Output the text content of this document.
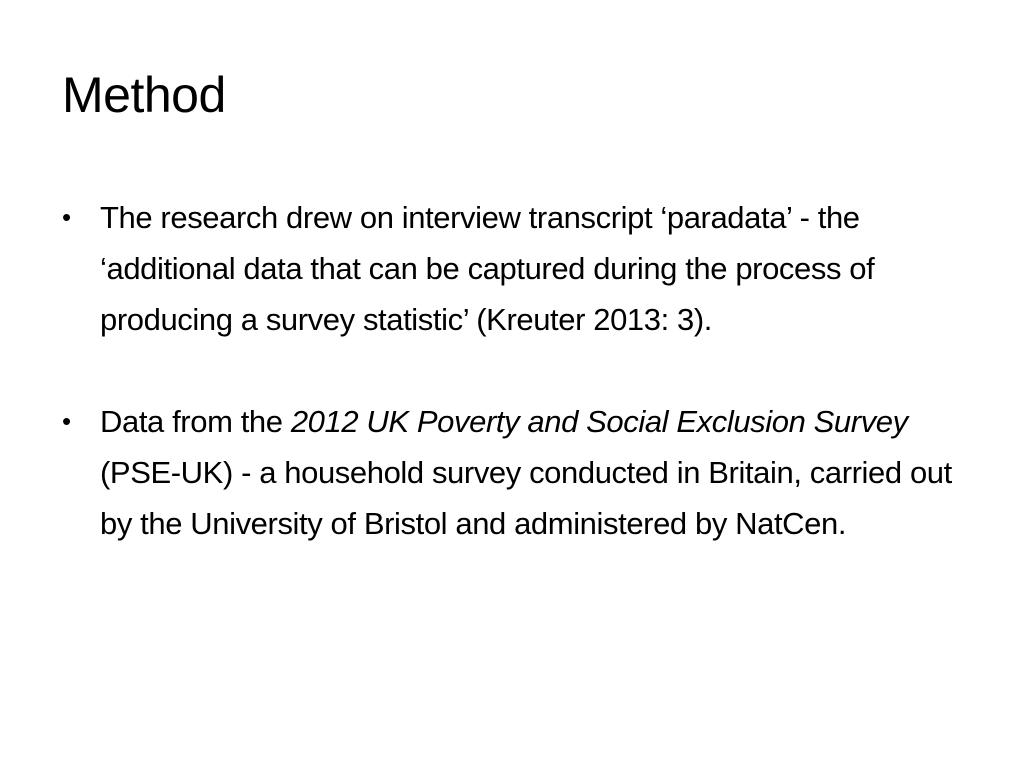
Method
• The research drew on interview transcript ‘paradata’ - the ‘additional data that can be captured during the process of producing a survey statistic’ (Kreuter 2013: 3).
• Data from the 2012 UK Poverty and Social Exclusion Survey (PSE-UK) - a household survey conducted in Britain, carried out by the University of Bristol and administered by NatCen.
